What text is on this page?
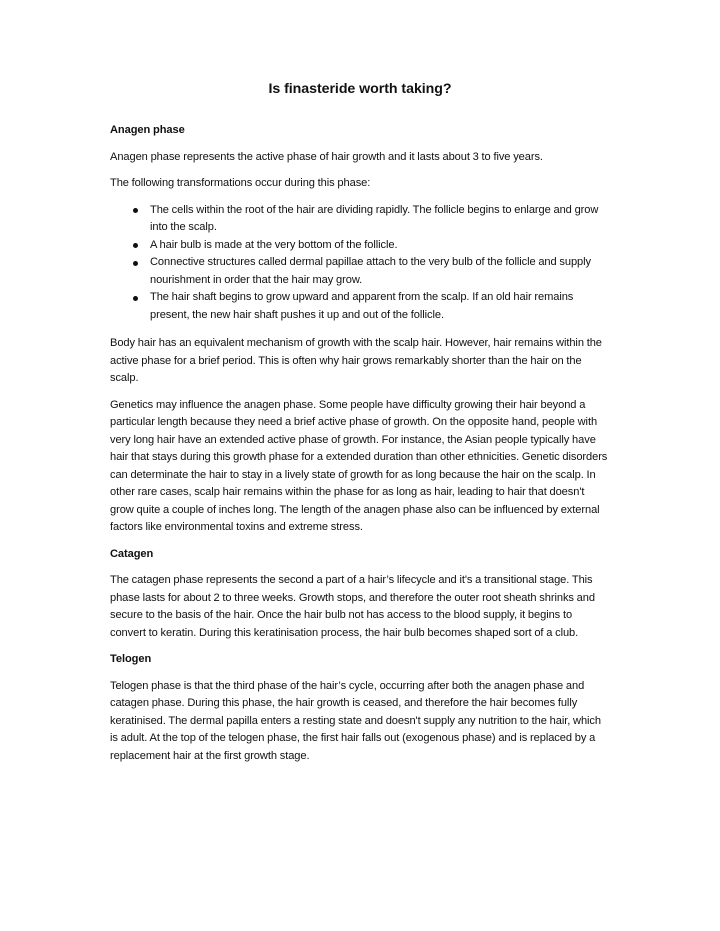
Is finasteride worth taking?
Anagen phase

Anagen phase represents the active phase of hair growth and it lasts about 3 to five years.

The following transformations occur during this phase:

The cells within the root of the hair are dividing rapidly. The follicle begins to enlarge and grow into the scalp.
A hair bulb is made at the very bottom of the follicle.
Connective structures called dermal papillae attach to the very bulb of the follicle and supply nourishment in order that the hair may grow.
The hair shaft begins to grow upward and apparent from the scalp. If an old hair remains present, the new hair shaft pushes it up and out of the follicle.

Body hair has an equivalent mechanism of growth with the scalp hair. However, hair remains within the active phase for a brief period. This is often why hair grows remarkably shorter than the hair on the scalp.

Genetics may influence the anagen phase. Some people have difficulty growing their hair beyond a particular length because they need a brief active phase of growth. On the opposite hand, people with very long hair have an extended active phase of growth. For instance, the Asian people typically have hair that stays during this growth phase for a extended duration than other ethnicities. Genetic disorders can determinate the hair to stay in a lively state of growth for as long because the hair on the scalp. In other rare cases, scalp hair remains within the phase for as long as hair, leading to hair that doesn't grow quite a couple of inches long. The length of the anagen phase also can be influenced by external factors like environmental toxins and extreme stress.

Catagen

The catagen phase represents the second a part of a hair’s lifecycle and it's a transitional stage. This phase lasts for about 2 to three weeks. Growth stops, and therefore the outer root sheath shrinks and secure to the basis of the hair. Once the hair bulb not has access to the blood supply, it begins to convert to keratin. During this keratinisation process, the hair bulb becomes shaped sort of a club.

Telogen

Telogen phase is that the third phase of the hair’s cycle, occurring after both the anagen phase and catagen phase. During this phase, the hair growth is ceased, and therefore the hair becomes fully keratinised. The dermal papilla enters a resting state and doesn't supply any nutrition to the hair, which is adult. At the top of the telogen phase, the first hair falls out (exogenous phase) and is replaced by a replacement hair at the first growth stage.
